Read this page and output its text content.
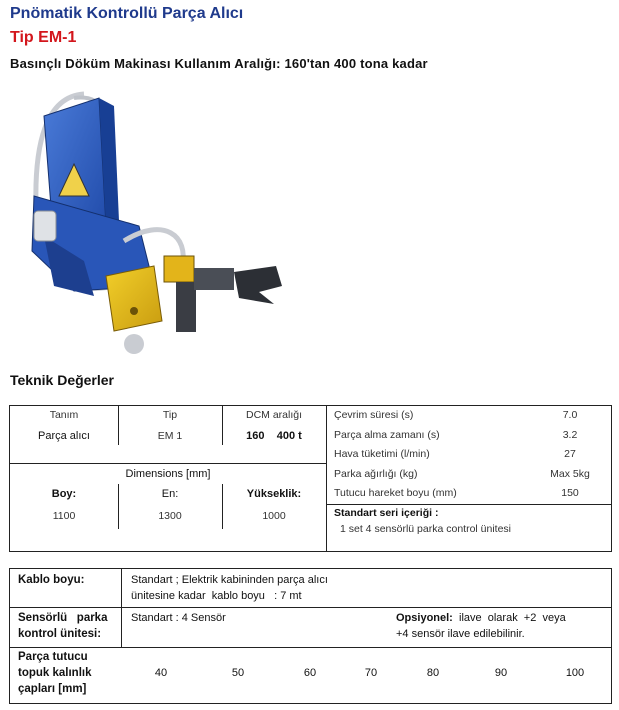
Pnömatik Kontrollü Parça Alıcı
Tip EM-1
Basınçlı Döküm Makinası Kullanım Aralığı: 160'tan 400 tona kadar
Teknik Değerler
Tanım	Tip	DCM aralığı
Parça alıcı	EM 1	160    400 t
Dimensions [mm]
Boy:	En:	Yükseklik:
1100	1300	1000
Çevrim süresi (s)	7.0
Parça alma zamanı (s)	3.2
Hava tüketimi (l/min)	27
Parka ağırlığı (kg)	Max 5kg
Tutucu hareket boyu (mm)	150
Standart seri içeriği :
1 set 4 sensörlü parka control ünitesi
Kablo boyu:	Standart ; Elektrik kabininden parça alıcı
ünitesine kadar  kablo boyu   : 7 mt
Sensörlü   parka
kontrol ünitesi:
Standart : 4 Sensör	Opsiyonel: ilave  olarak  +2  veya
+4 sensör ilave edilebilinir.
Parça tutucu
topuk kalınlık
çapları [mm]
40	50	60	70	80	90	100
